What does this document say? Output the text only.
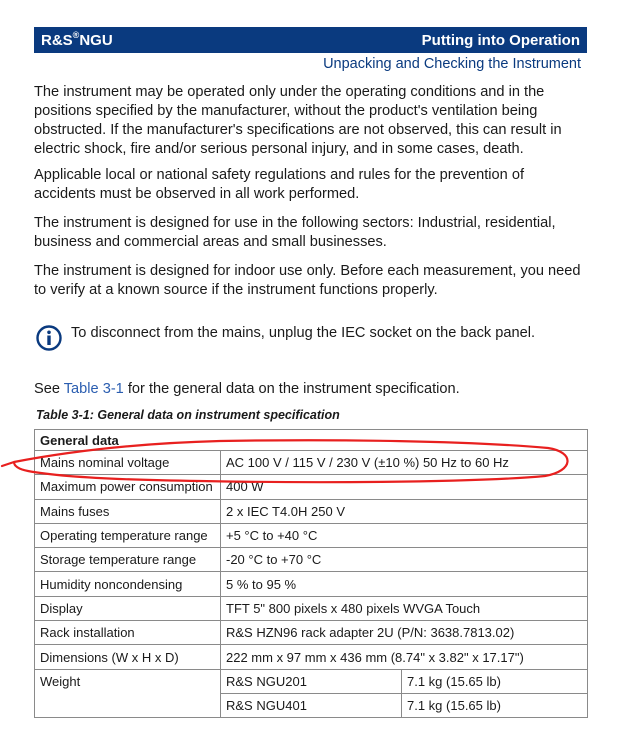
R&S®NGU	Putting into Operation
Unpacking and Checking the Instrument

The instrument may be operated only under the operating conditions and in the positions specified by the manufacturer, without the product's ventilation being obstructed. If the manufacturer's specifications are not observed, this can result in electric shock, fire and/or serious personal injury, and in some cases, death.

Applicable local or national safety regulations and rules for the prevention of accidents must be observed in all work performed.

The instrument is designed for use in the following sectors: Industrial, residential, business and commercial areas and small businesses.

The instrument is designed for indoor use only. Before each measurement, you need to verify at a known source if the instrument functions properly.

To disconnect from the mains, unplug the IEC socket on the back panel.

See Table 3-1 for the general data on the instrument specification.

Table 3-1: General data on instrument specification
General data		
Mains nominal voltage	AC 100 V / 115 V / 230 V (±10 %) 50 Hz to 60 Hz	
Maximum power consumption	400 W	
Mains fuses	2 x IEC T4.0H 250 V	
Operating temperature range	+5 °C to +40 °C	
Storage temperature range	-20 °C to +70 °C	
Humidity noncondensing	5 % to 95 %	
Display	TFT 5" 800 pixels x 480 pixels WVGA Touch	
Rack installation	R&S HZN96 rack adapter 2U (P/N: 3638.7813.02)	
Dimensions (W x H x D)	222 mm x 97 mm x 436 mm (8.74" x 3.82" x 17.17")	
Weight	R&S NGU201	7.1 kg (15.65 lb)
	R&S NGU401	7.1 kg (15.65 lb)
